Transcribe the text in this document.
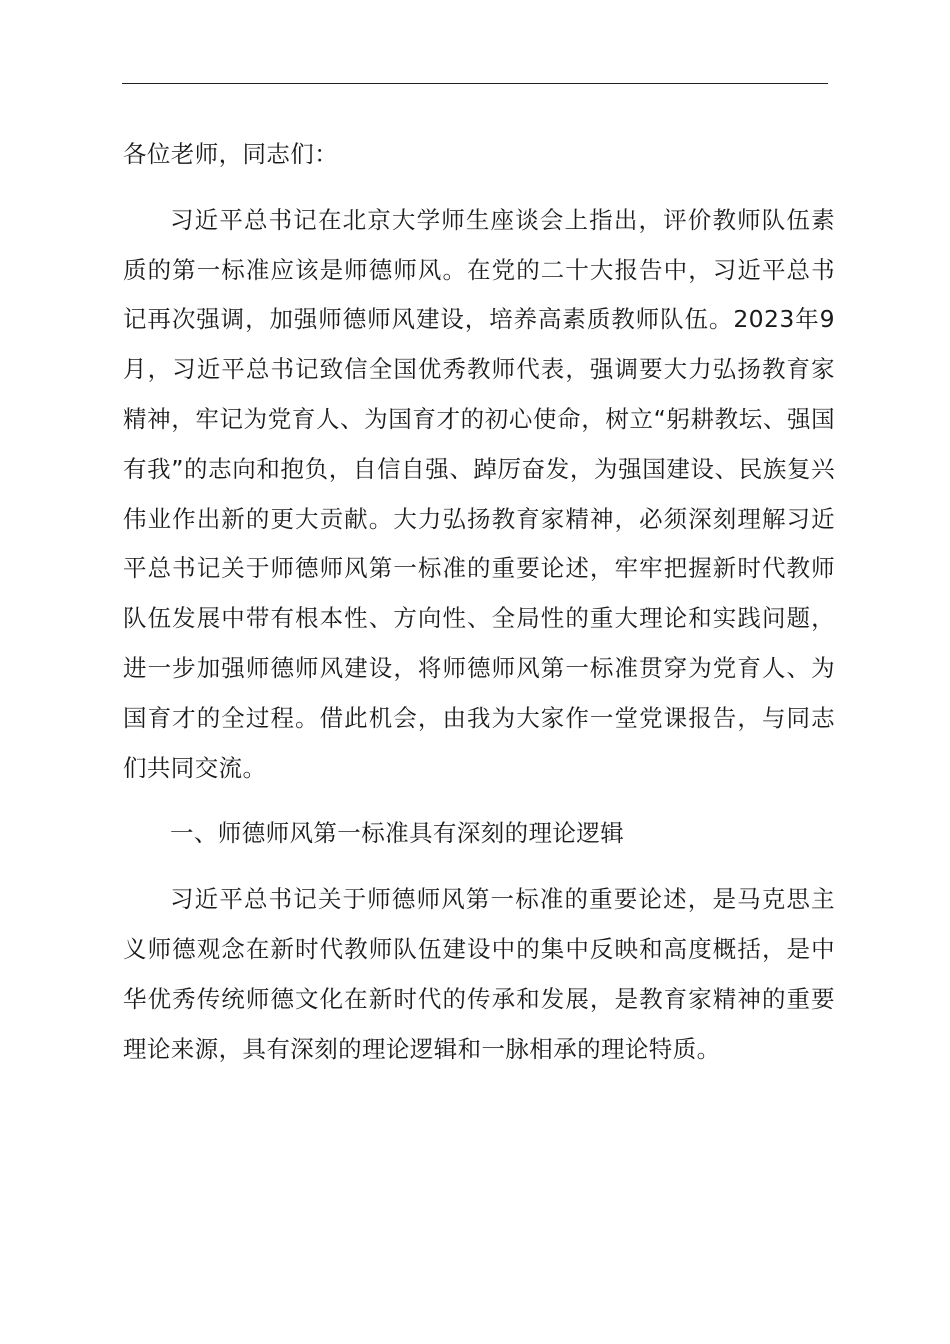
各位老师，同志们：

习近平总书记在北京大学师生座谈会上指出，评价教师队伍素质的第一标准应该是师德师风。在党的二十大报告中，习近平总书记再次强调，加强师德师风建设，培养高素质教师队伍。2023年9月，习近平总书记致信全国优秀教师代表，强调要大力弘扬教育家精神，牢记为党育人、为国育才的初心使命，树立“躬耕教坛、强国有我”的志向和抱负，自信自强、踔厉奋发，为强国建设、民族复兴伟业作出新的更大贡献。大力弘扬教育家精神，必须深刻理解习近平总书记关于师德师风第一标准的重要论述，牢牢把握新时代教师队伍发展中带有根本性、方向性、全局性的重大理论和实践问题，进一步加强师德师风建设，将师德师风第一标准贯穿为党育人、为国育才的全过程。借此机会，由我为大家作一堂党课报告，与同志们共同交流。

一、师德师风第一标准具有深刻的理论逻辑

习近平总书记关于师德师风第一标准的重要论述，是马克思主义师德观念在新时代教师队伍建设中的集中反映和高度概括，是中华优秀传统师德文化在新时代的传承和发展，是教育家精神的重要理论来源，具有深刻的理论逻辑和一脉相承的理论特质。
